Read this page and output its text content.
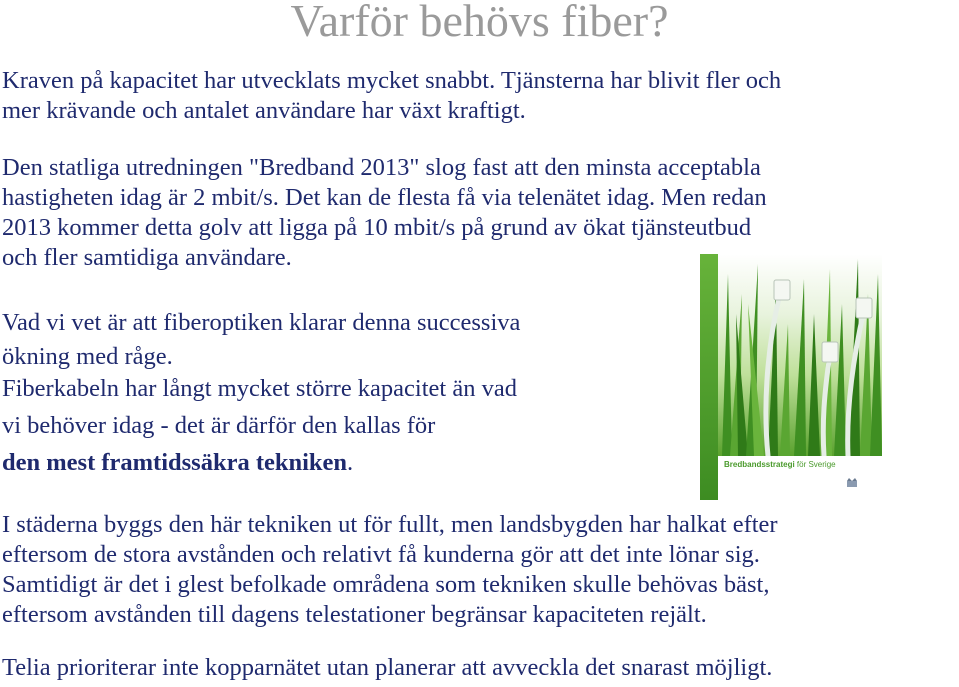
Varför behövs fiber?

Kraven på kapacitet har utvecklats mycket snabbt. Tjänsterna har blivit fler och
mer krävande och antalet användare har växt kraftigt.

Den statliga utredningen "Bredband 2013" slog fast att den minsta acceptabla
hastigheten idag är 2 mbit/s. Det kan de flesta få via telenätet idag. Men redan
2013 kommer detta golv att ligga på 10 mbit/s på grund av ökat tjänsteutbud
och fler samtidiga användare.

Vad vi vet är att fiberoptiken klarar denna successiva
ökning med råge.

Fiberkabeln har långt mycket större kapacitet än vad
vi behöver idag - det är därför den kallas för
den mest framtidssäkra tekniken.

I städerna byggs den här tekniken ut för fullt, men landsbygden har halkat efter
eftersom de stora avstånden och relativt få kunderna gör att det inte lönar sig.
Samtidigt är det i glest befolkade områdena som tekniken skulle behövas bäst,
eftersom avstånden till dagens telestationer begränsar kapaciteten rejält.

Telia prioriterar inte kopparnätet utan planerar att avveckla det snarast möjligt.

Bredbandsstrategi för Sverige
